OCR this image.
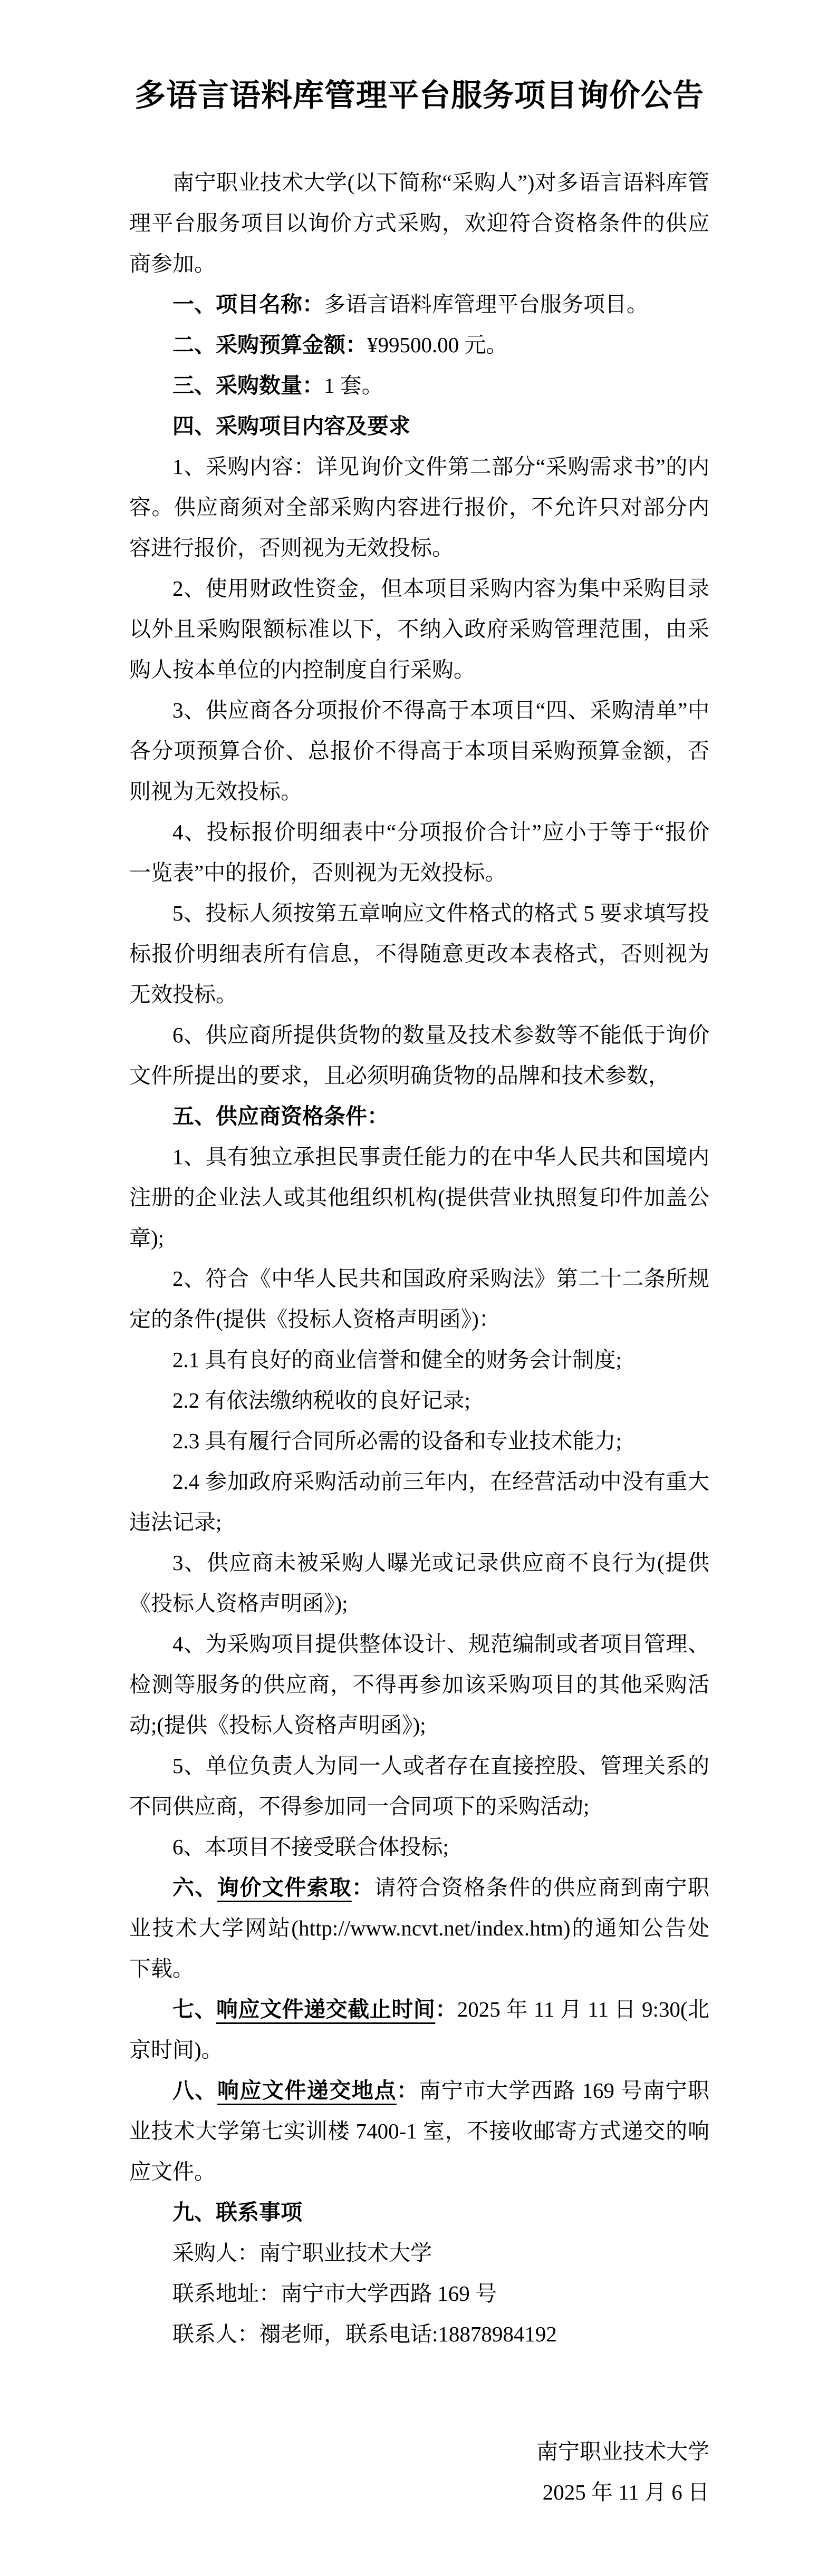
多语言语料库管理平台服务项目询价公告

南宁职业技术大学(以下简称“采购人”)对多语言语料库管理平台服务项目以询价方式采购，欢迎符合资格条件的供应商参加。

一、项目名称：多语言语料库管理平台服务项目。

二、采购预算金额：¥99500.00 元。

三、采购数量：1 套。

四、采购项目内容及要求

1、采购内容：详见询价文件第二部分“采购需求书”的内容。供应商须对全部采购内容进行报价，不允许只对部分内容进行报价，否则视为无效投标。

2、使用财政性资金，但本项目采购内容为集中采购目录以外且采购限额标准以下，不纳入政府采购管理范围，由采购人按本单位的内控制度自行采购。

3、供应商各分项报价不得高于本项目“四、采购清单”中各分项预算合价、总报价不得高于本项目采购预算金额，否则视为无效投标。

4、投标报价明细表中“分项报价合计”应小于等于“报价一览表”中的报价，否则视为无效投标。

5、投标人须按第五章响应文件格式的格式 5 要求填写投标报价明细表所有信息，不得随意更改本表格式，否则视为无效投标。

6、供应商所提供货物的数量及技术参数等不能低于询价文件所提出的要求，且必须明确货物的品牌和技术参数，

五、供应商资格条件：

1、具有独立承担民事责任能力的在中华人民共和国境内注册的企业法人或其他组织机构(提供营业执照复印件加盖公章);

2、符合《中华人民共和国政府采购法》第二十二条所规定的条件(提供《投标人资格声明函》)：

2.1 具有良好的商业信誉和健全的财务会计制度;

2.2 有依法缴纳税收的良好记录;

2.3 具有履行合同所必需的设备和专业技术能力;

2.4 参加政府采购活动前三年内，在经营活动中没有重大违法记录;

3、供应商未被采购人曝光或记录供应商不良行为(提供《投标人资格声明函》);

4、为采购项目提供整体设计、规范编制或者项目管理、检测等服务的供应商，不得再参加该采购项目的其他采购活动;(提供《投标人资格声明函》);

5、单位负责人为同一人或者存在直接控股、管理关系的不同供应商，不得参加同一合同项下的采购活动;

6、本项目不接受联合体投标;

六、询价文件索取：请符合资格条件的供应商到南宁职业技术大学网站(http://www.ncvt.net/index.htm)的通知公告处下载。

七、响应文件递交截止时间：2025 年 11 月 11 日 9:30(北京时间)。

八、响应文件递交地点：南宁市大学西路 169 号南宁职业技术大学第七实训楼 7400-1 室，不接收邮寄方式递交的响应文件。

九、联系事项

采购人：南宁职业技术大学

联系地址：南宁市大学西路 169 号

联系人：禤老师，联系电话:18878984192

南宁职业技术大学

2025 年 11 月 6 日
